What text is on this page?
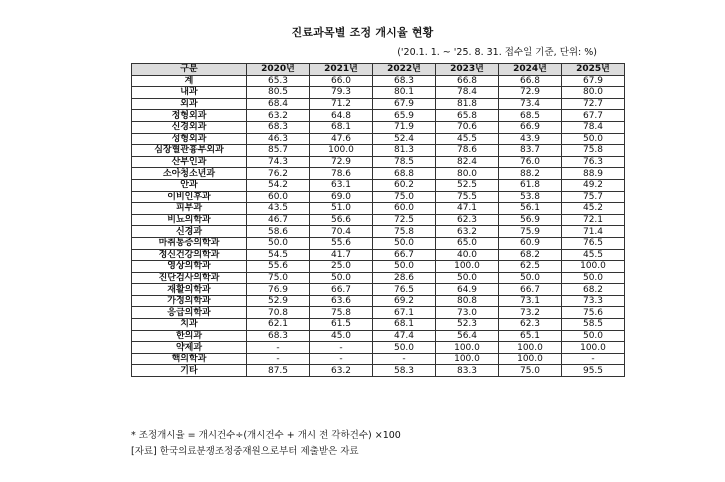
진료과목별 조정 개시율 현황
('20.1. 1. ~ '25. 8. 31. 접수일 기준, 단위: %)
구분	2020년	2021년	2022년	2023년	2024년	2025년
계	65.3	66.0	68.3	66.8	66.8	67.9
내과	80.5	79.3	80.1	78.4	72.9	80.0
외과	68.4	71.2	67.9	81.8	73.4	72.7
정형외과	63.2	64.8	65.9	65.8	68.5	67.7
신경외과	68.3	68.1	71.9	70.6	66.9	78.4
성형외과	46.3	47.6	52.4	45.5	43.9	50.0
심장혈관흉부외과	85.7	100.0	81.3	78.6	83.7	75.8
산부인과	74.3	72.9	78.5	82.4	76.0	76.3
소아청소년과	76.2	78.6	68.8	80.0	88.2	88.9
안과	54.2	63.1	60.2	52.5	61.8	49.2
이비인후과	60.0	69.0	75.0	75.5	53.8	75.7
피부과	43.5	51.0	60.0	47.1	56.1	45.2
비뇨의학과	46.7	56.6	72.5	62.3	56.9	72.1
신경과	58.6	70.4	75.8	63.2	75.9	71.4
마취통증의학과	50.0	55.6	50.0	65.0	60.9	76.5
정신건강의학과	54.5	41.7	66.7	40.0	68.2	45.5
영상의학과	55.6	25.0	50.0	100.0	62.5	100.0
진단검사의학과	75.0	50.0	28.6	50.0	50.0	50.0
재활의학과	76.9	66.7	76.5	64.9	66.7	68.2
가정의학과	52.9	63.6	69.2	80.8	73.1	73.3
응급의학과	70.8	75.8	67.1	73.0	73.2	75.6
치과	62.1	61.5	68.1	52.3	62.3	58.5
한의과	68.3	45.0	47.4	56.4	65.1	50.0
약제과	-	-	50.0	100.0	100.0	100.0
핵의학과	-	-	-	100.0	100.0	-
기타	87.5	63.2	58.3	83.3	75.0	95.5
* 조정개시율 = 개시건수÷(개시건수 + 개시 전 각하건수) ×100
[자료] 한국의료분쟁조정중재원으로부터 제출받은 자료
